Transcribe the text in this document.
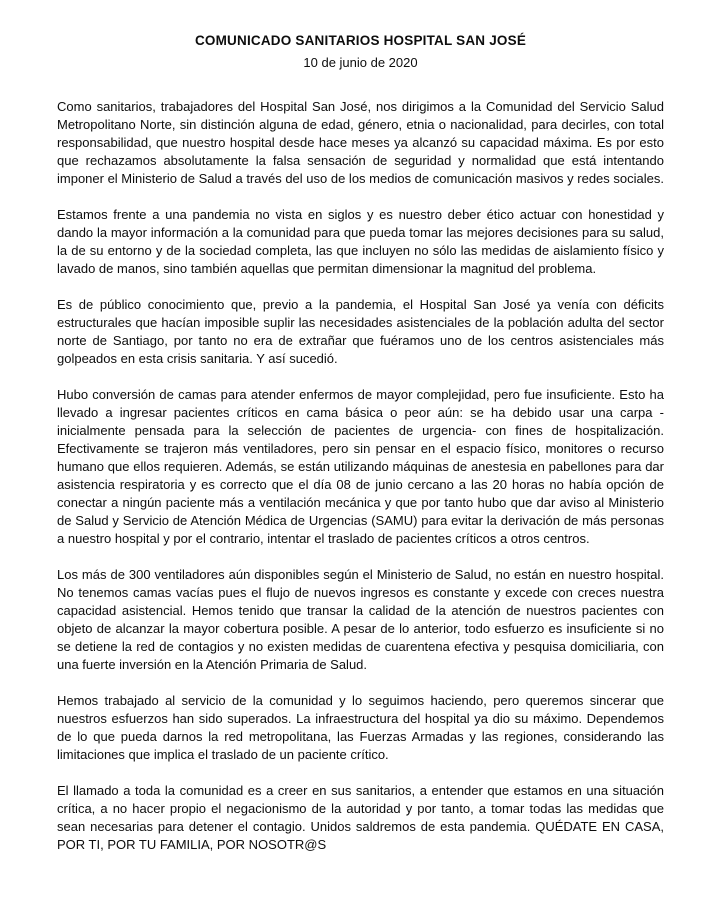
COMUNICADO SANITARIOS HOSPITAL SAN JOSÉ
10 de junio de 2020

Como sanitarios, trabajadores del Hospital San José, nos dirigimos a la Comunidad del Servicio Salud Metropolitano Norte, sin distinción alguna de edad, género, etnia o nacionalidad, para decirles, con total responsabilidad, que nuestro hospital desde hace meses ya alcanzó su capacidad máxima. Es por esto que rechazamos absolutamente la falsa sensación de seguridad y normalidad que está intentando imponer el Ministerio de Salud a través del uso de los medios de comunicación masivos y redes sociales.

Estamos frente a una pandemia no vista en siglos y es nuestro deber ético actuar con honestidad y dando la mayor información a la comunidad para que pueda tomar las mejores decisiones para su salud, la de su entorno y de la sociedad completa, las que incluyen no sólo las medidas de aislamiento físico y lavado de manos, sino también aquellas que permitan dimensionar la magnitud del problema.

Es de público conocimiento que, previo a la pandemia, el Hospital San José ya venía con déficits estructurales que hacían imposible suplir las necesidades asistenciales de la población adulta del sector norte de Santiago, por tanto no era de extrañar que fuéramos uno de los centros asistenciales más golpeados en esta crisis sanitaria. Y así sucedió.

Hubo conversión de camas para atender enfermos de mayor complejidad, pero fue insuficiente. Esto ha llevado a ingresar pacientes críticos en cama básica o peor aún: se ha debido usar una carpa - inicialmente pensada para la selección de pacientes de urgencia- con fines de hospitalización. Efectivamente se trajeron más ventiladores, pero sin pensar en el espacio físico, monitores o recurso humano que ellos requieren. Además, se están utilizando máquinas de anestesia en pabellones para dar asistencia respiratoria y es correcto que el día 08 de junio cercano a las 20 horas no había opción de conectar a ningún paciente más a ventilación mecánica y que por tanto hubo que dar aviso al Ministerio de Salud y Servicio de Atención Médica de Urgencias (SAMU) para evitar la derivación de más personas a nuestro hospital y por el contrario, intentar el traslado de pacientes críticos a otros centros.

Los más de 300 ventiladores aún disponibles según el Ministerio de Salud, no están en nuestro hospital. No tenemos camas vacías pues el flujo de nuevos ingresos es constante y excede con creces nuestra capacidad asistencial. Hemos tenido que transar la calidad de la atención de nuestros pacientes con objeto de alcanzar la mayor cobertura posible. A pesar de lo anterior, todo esfuerzo es insuficiente si no se detiene la red de contagios y no existen medidas de cuarentena efectiva y pesquisa domiciliaria, con una fuerte inversión en la Atención Primaria de Salud.

Hemos trabajado al servicio de la comunidad y lo seguimos haciendo, pero queremos sincerar que nuestros esfuerzos han sido superados. La infraestructura del hospital ya dio su máximo. Dependemos de lo que pueda darnos la red metropolitana, las Fuerzas Armadas y las regiones, considerando las limitaciones que implica el traslado de un paciente crítico.

El llamado a toda la comunidad es a creer en sus sanitarios, a entender que estamos en una situación crítica, a no hacer propio el negacionismo de la autoridad y por tanto, a tomar todas las medidas que sean necesarias para detener el contagio. Unidos saldremos de esta pandemia. QUÉDATE EN CASA, POR TI, POR TU FAMILIA, POR NOSOTR@S
